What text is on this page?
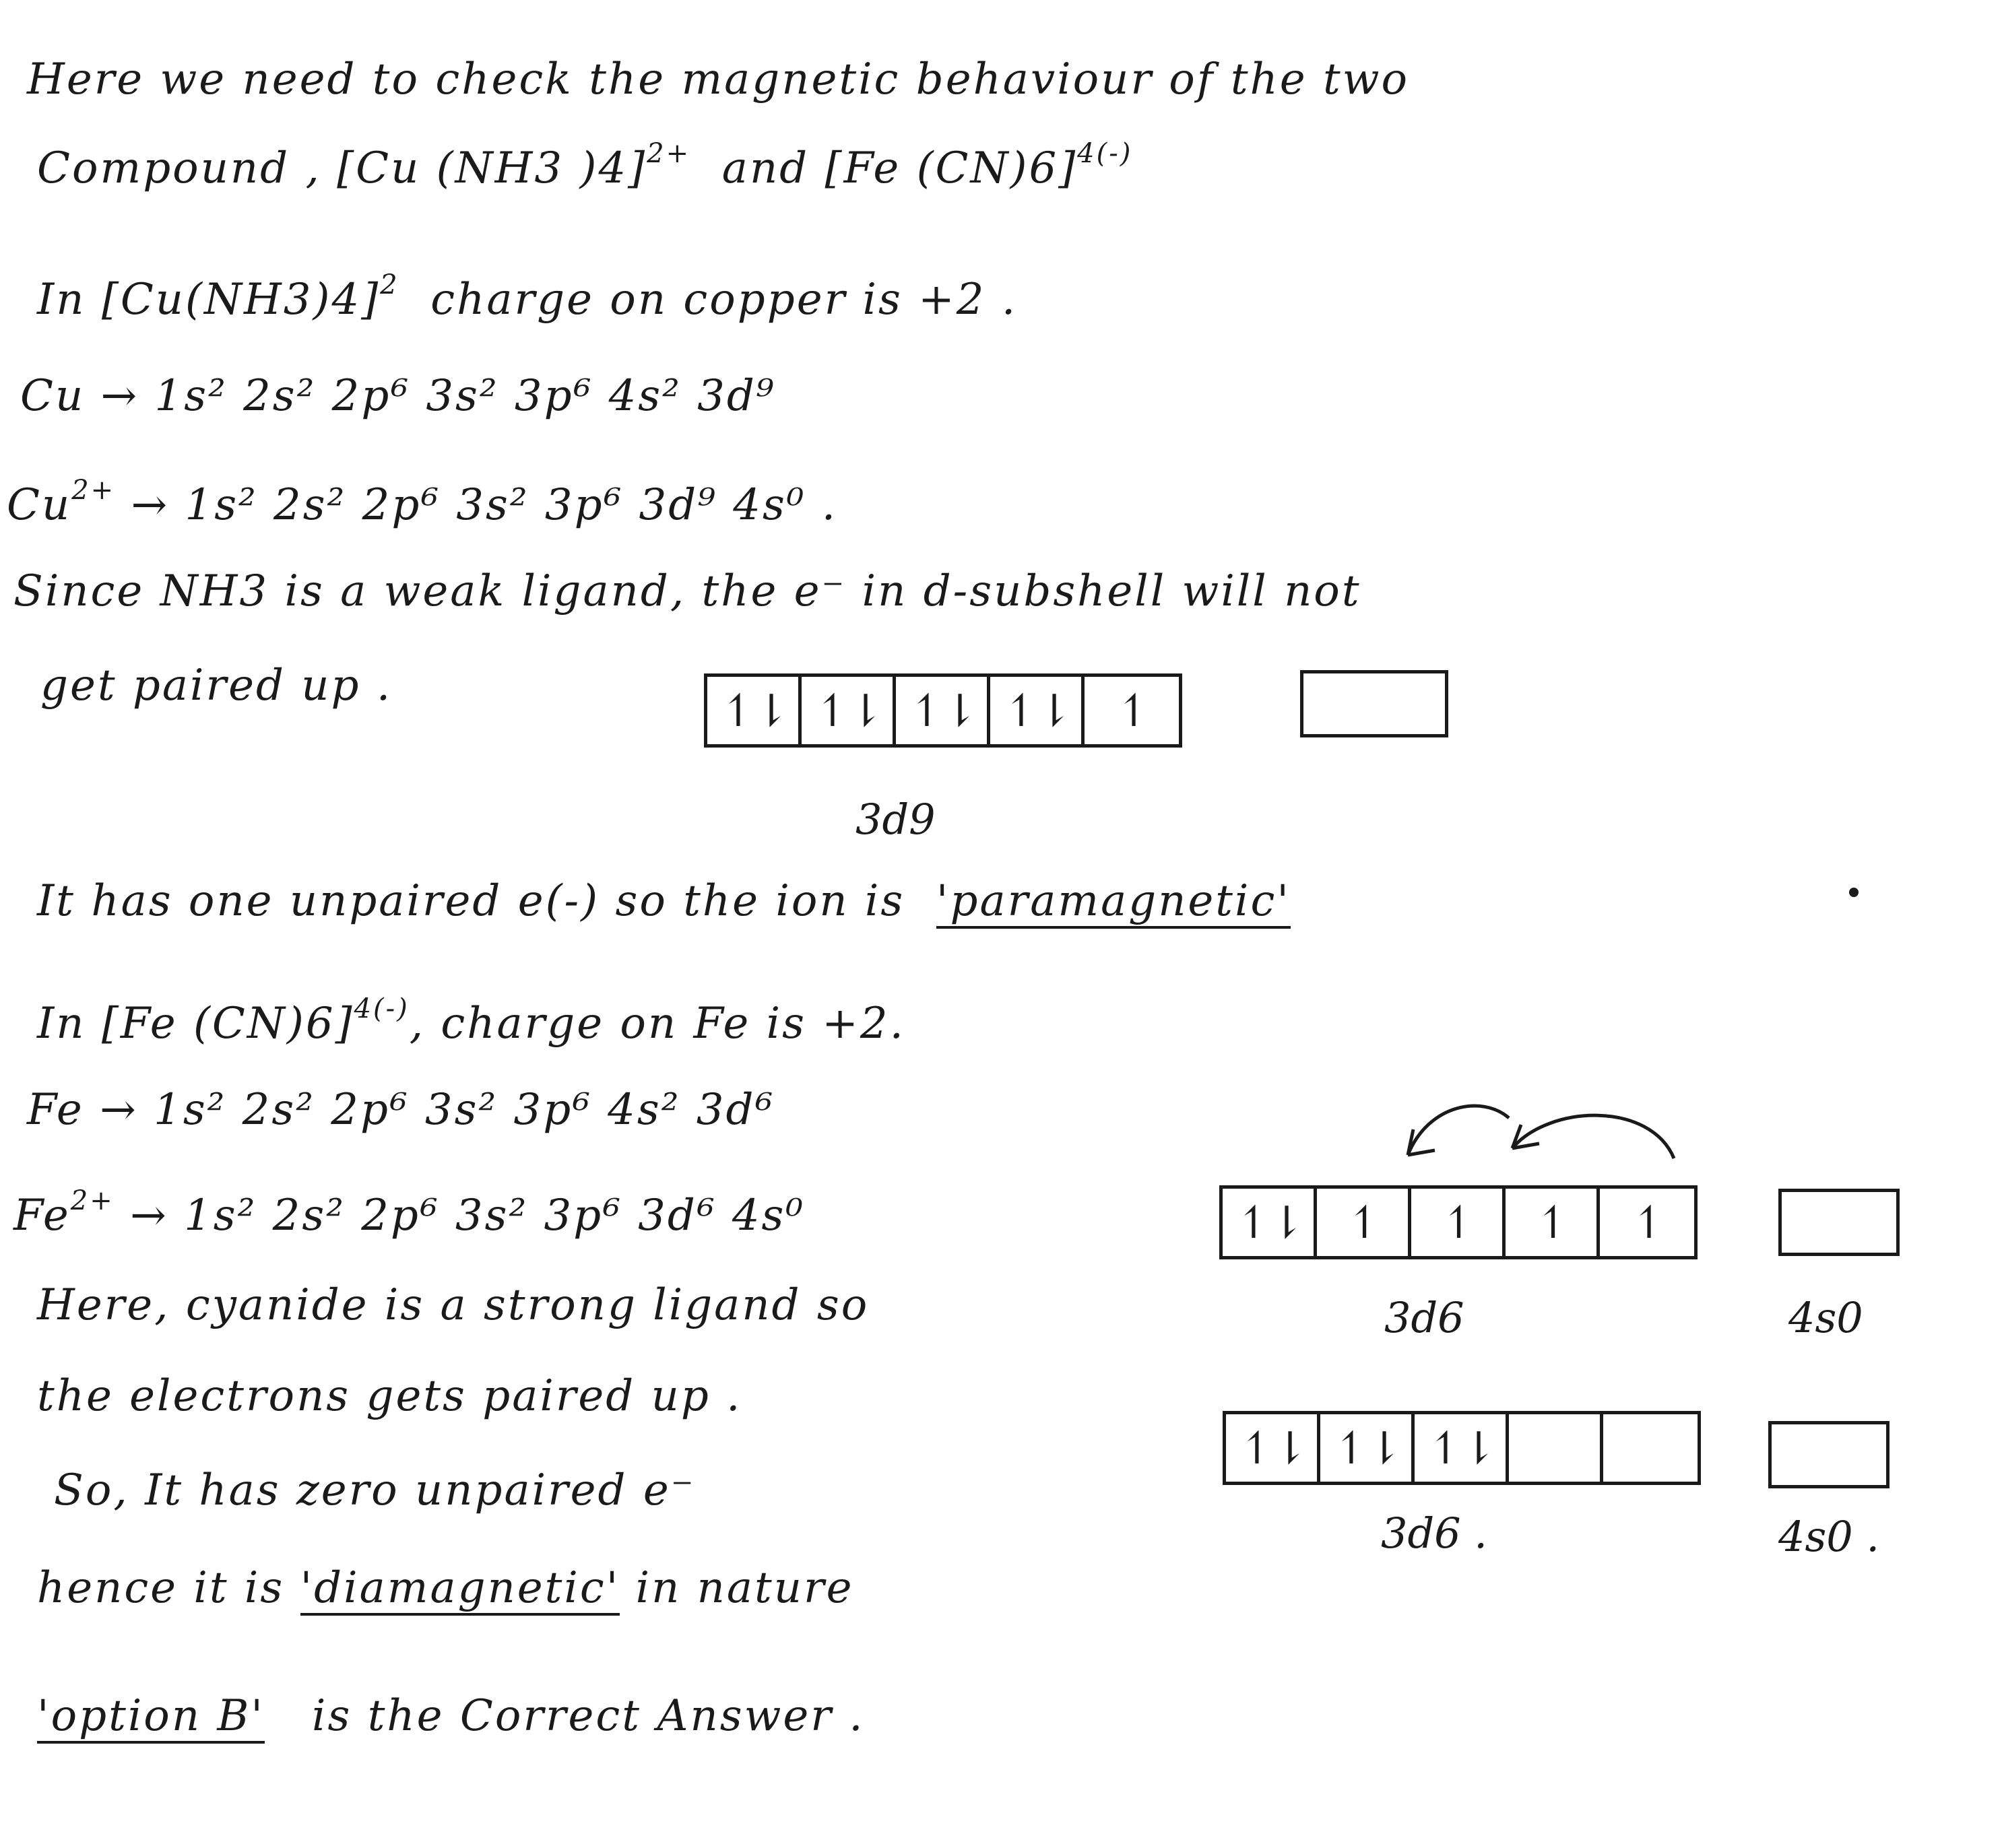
Here we need to check the magnetic behaviour of the two
Compound , [Cu (NH3 )4]$^{2+}$ and [Fe (CN)6]$^{4(-)}$
In $[Cu(NH3)4]^2$ charge on copper is +2 .
Cu → 1s² 2s² 2p⁶ 3s² 3p⁶ 4s² 3d⁹
$Cu^{2+} \to 1s^2$ 2s² 2p⁶ 3s² 3p⁶ 3d⁹ 4s⁰ .
Since NH3 is a weak ligand, the e⁻ in d-subshell will not
get paired up .	↿⇂ ↿⇂ ↿⇂ ↿⇂	↿
3d9
It has one unpaired e(-) so the ion is 'paramagnetic'
In [Fe (CN)6]$^{4(-)}$, charge on Fe is +2.
Fe → 1s² 2s² 2p⁶ 3s² 3p⁶ 4s² 3d⁶
$Fe^{2+} \to 1s^2$ 2s² 2p⁶ 3s² 3p⁶ 3d⁶ 4s⁰	↿⇂	↿	↿	↿	↿
3d6	4s0
Here, cyanide is a strong ligand so
the electrons gets paired up .
↿⇂ ↿⇂ ↿⇂
3d6 .	4s0 .
So, It has zero unpaired e⁻
hence it is 'diamagnetic' in nature
'option B' is the Correct Answer .
